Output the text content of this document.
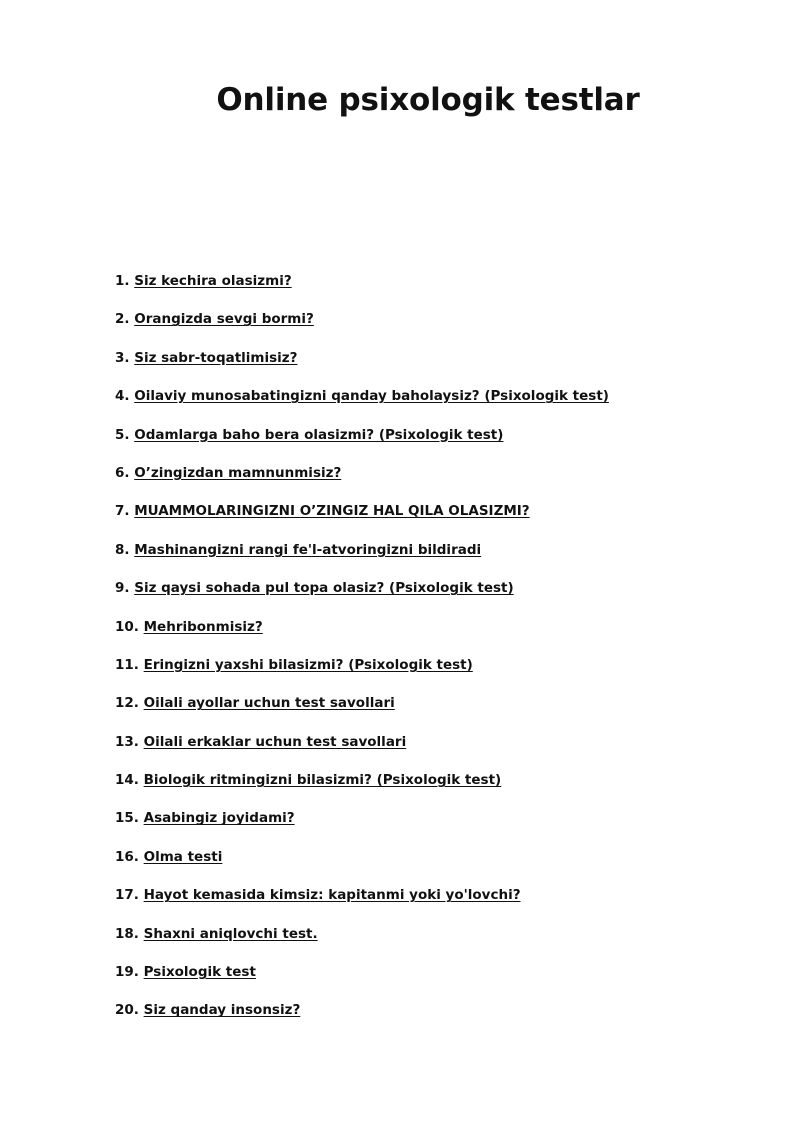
Online psixologik testlar
1. Siz kechira olasizmi?
2. Orangizda sevgi bormi?
3. Siz sabr-toqatlimisiz?
4. Oilaviy munosabatingizni qanday baholaysiz? (Psixologik test)
5. Odamlarga baho bera olasizmi? (Psixologik test)
6. O’zingizdan mamnunmisiz?
7. MUAMMOLARINGIZNI O’ZINGIZ HAL QILA OLASIZMI?
8. Mashinangizni rangi fe'l-atvoringizni bildiradi
9. Siz qaysi sohada pul topa olasiz? (Psixologik test)
10. Mehribonmisiz?
11. Eringizni yaxshi bilasizmi? (Psixologik test)
12. Oilali ayollar uchun test savollari
13. Oilali erkaklar uchun test savollari
14. Biologik ritmingizni bilasizmi? (Psixologik test)
15. Asabingiz joyidami?
16. Olma testi
17. Hayot kemasida kimsiz: kapitanmi yoki yo'lovchi?
18. Shaxni aniqlovchi test.
19. Psixologik test
20. Siz qanday insonsiz?
